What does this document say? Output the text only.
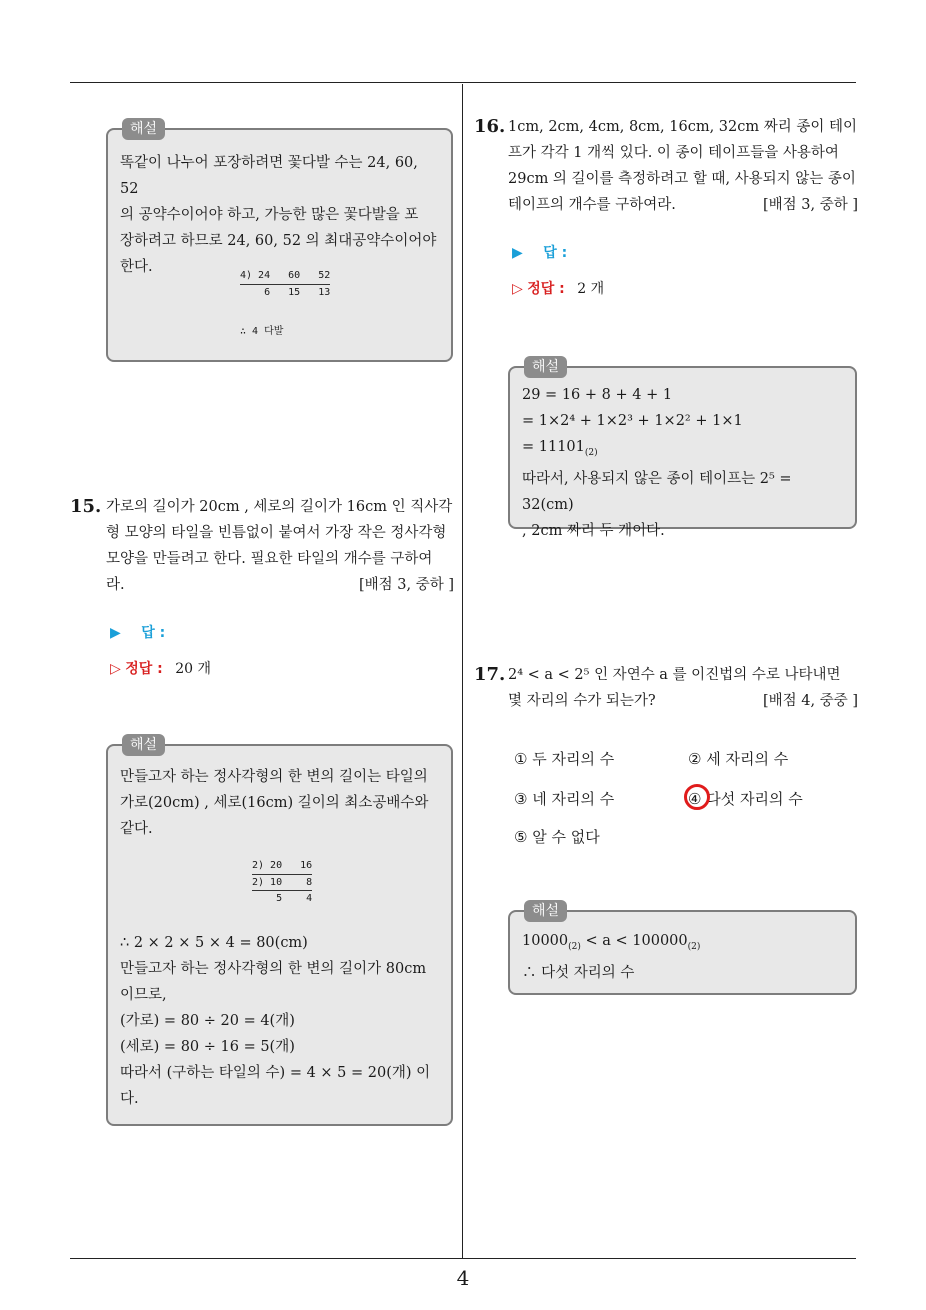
해설
똑같이 나누어 포장하려면 꽃다발 수는 24, 60, 52
의 공약수이어야 하고, 가능한 많은 꽃다발을 포
장하려고 하므로 24, 60, 52 의 최대공약수이어야
한다.
4) 24   60   52
6   15   13
∴ 4 다발
15. 가로의 길이가 20cm , 세로의 길이가 16cm 인 직사각
형 모양의 타일을 빈틈없이 붙여서 가장 작은 정사각형
모양을 만들려고 한다. 필요한 타일의 개수를 구하여
라.	[배점 3, 중하 ]
▶ 답 :
▷ 정답 : 20 개
해설
만들고자 하는 정사각형의 한 변의 길이는 타일의
가로(20cm) , 세로(16cm) 길이의 최소공배수와
같다.
2) 20   16
2) 10    8
5    4
∴ 2 × 2 × 5 × 4 = 80(cm)
만들고자 하는 정사각형의 한 변의 길이가 80cm
이므로,
(가로) = 80 ÷ 20 = 4(개)
(세로) = 80 ÷ 16 = 5(개)
따라서 (구하는 타일의 수) = 4 × 5 = 20(개) 이
다.
16. 1cm, 2cm, 4cm, 8cm, 16cm, 32cm 짜리 종이 테이
프가 각각 1 개씩 있다. 이 종이 테이프들을 사용하여
29cm 의 길이를 측정하려고 할 때, 사용되지 않는 종이
테이프의 개수를 구하여라.	[배점 3, 중하 ]
▶ 답 :
▷ 정답 : 2 개
해설
29 = 16 + 8 + 4 + 1
= 1×2⁴ + 1×2³ + 1×2² + 1×1
= $11101_{(2)}$
따라서, 사용되지 않은 종이 테이프는 2⁵ = 32(cm)
, 2cm 짜리 두 개이다.
17. 2⁴ < a < 2⁵ 인 자연수 a 를 이진법의 수로 나타내면
몇 자리의 수가 되는가?	[배점 4, 중중 ]
① 두 자리의 수	② 세 자리의 수
③ 네 자리의 수	④ 다섯 자리의 수
⑤ 알 수 없다
해설
$10000_{(2)} < a < 100000_{(2)}$
∴ 다섯 자리의 수
4
